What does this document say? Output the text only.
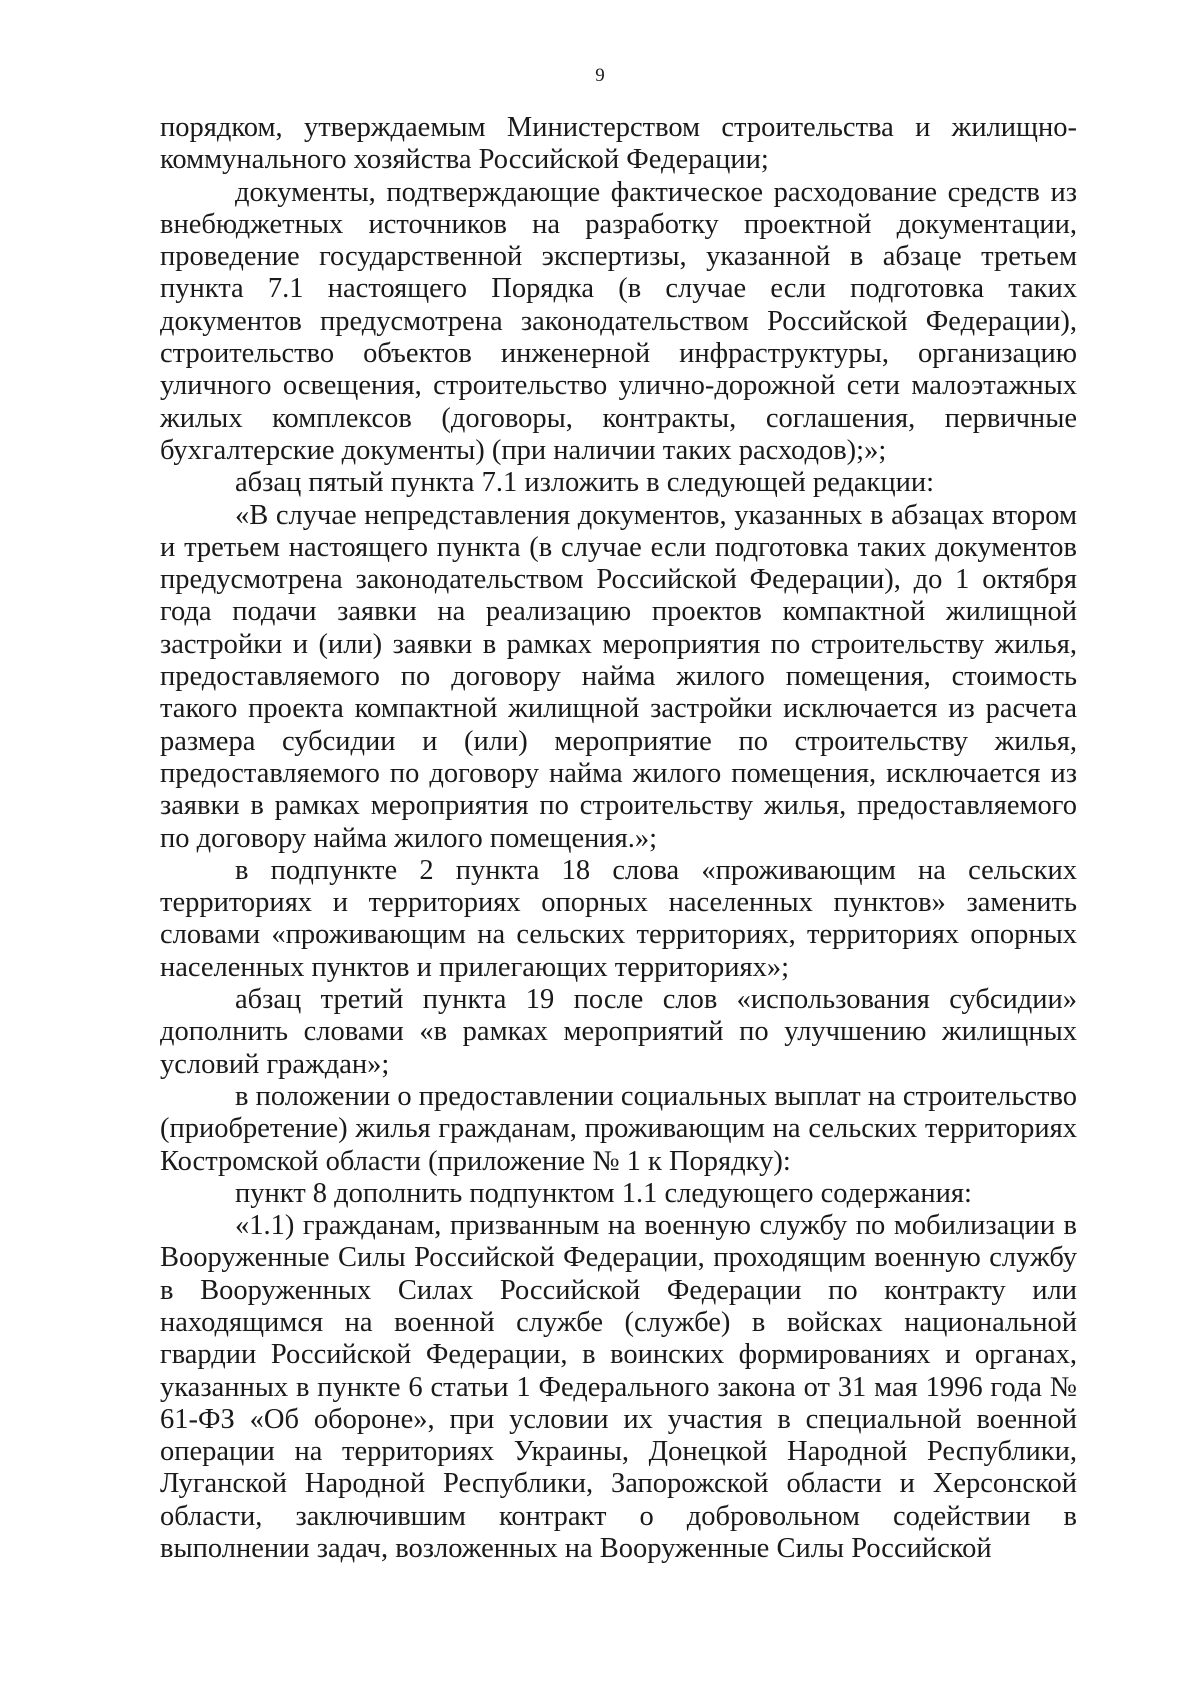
9

порядком, утверждаемым Министерством строительства и жилищно-коммунального хозяйства Российской Федерации;

документы, подтверждающие фактическое расходование средств из внебюджетных источников на разработку проектной документации, проведение государственной экспертизы, указанной в абзаце третьем пункта 7.1 настоящего Порядка (в случае если подготовка таких документов предусмотрена законодательством Российской Федерации), строительство объектов инженерной инфраструктуры, организацию уличного освещения, строительство улично-дорожной сети малоэтажных жилых комплексов (договоры, контракты, соглашения, первичные бухгалтерские документы) (при наличии таких расходов);»;

абзац пятый пункта 7.1 изложить в следующей редакции:

«В случае непредставления документов, указанных в абзацах втором и третьем настоящего пункта (в случае если подготовка таких документов предусмотрена законодательством Российской Федерации), до 1 октября года подачи заявки на реализацию проектов компактной жилищной застройки и (или) заявки в рамках мероприятия по строительству жилья, предоставляемого по договору найма жилого помещения, стоимость такого проекта компактной жилищной застройки исключается из расчета размера субсидии и (или) мероприятие по строительству жилья, предоставляемого по договору найма жилого помещения, исключается из заявки в рамках мероприятия по строительству жилья, предоставляемого по договору найма жилого помещения.»;

в подпункте 2 пункта 18 слова «проживающим на сельских территориях и территориях опорных населенных пунктов» заменить словами «проживающим на сельских территориях, территориях опорных населенных пунктов и прилегающих территориях»;

абзац третий пункта 19 после слов «использования субсидии» дополнить словами «в рамках мероприятий по улучшению жилищных условий граждан»;

в положении о предоставлении социальных выплат на строительство (приобретение) жилья гражданам, проживающим на сельских территориях Костромской области (приложение № 1 к Порядку):

пункт 8 дополнить подпунктом 1.1 следующего содержания:

«1.1) гражданам, призванным на военную службу по мобилизации в Вооруженные Силы Российской Федерации, проходящим военную службу в Вооруженных Силах Российской Федерации по контракту или находящимся на военной службе (службе) в войсках национальной гвардии Российской Федерации, в воинских формированиях и органах, указанных в пункте 6 статьи 1 Федерального закона от 31 мая 1996 года № 61-ФЗ «Об обороне», при условии их участия в специальной военной операции на территориях Украины, Донецкой Народной Республики, Луганской Народной Республики, Запорожской области и Херсонской области, заключившим контракт о добровольном содействии в выполнении задач, возложенных на Вооруженные Силы Российской
